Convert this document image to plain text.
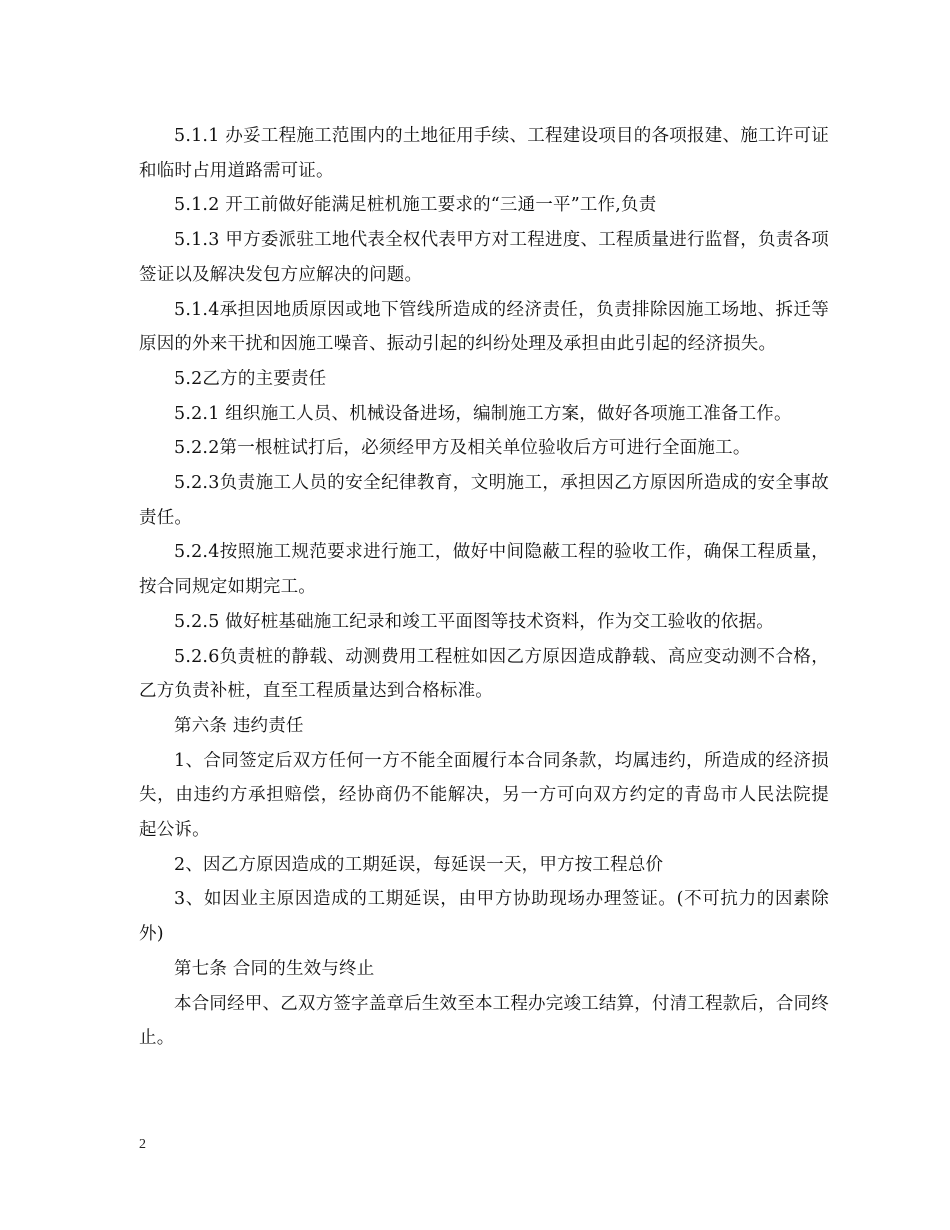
5.1.1 办妥工程施工范围内的土地征用手续、工程建设项目的各项报建、施工许可证和临时占用道路需可证。

5.1.2 开工前做好能满足桩机施工要求的“三通一平”工作,负责

5.1.3 甲方委派驻工地代表全权代表甲方对工程进度、工程质量进行监督，负责各项签证以及解决发包方应解决的问题。

5.1.4承担因地质原因或地下管线所造成的经济责任，负责排除因施工场地、拆迁等原因的外来干扰和因施工噪音、振动引起的纠纷处理及承担由此引起的经济损失。

5.2乙方的主要责任

5.2.1 组织施工人员、机械设备进场，编制施工方案，做好各项施工准备工作。

5.2.2第一根桩试打后，必须经甲方及相关单位验收后方可进行全面施工。

5.2.3负责施工人员的安全纪律教育，文明施工，承担因乙方原因所造成的安全事故责任。

5.2.4按照施工规范要求进行施工，做好中间隐蔽工程的验收工作，确保工程质量，按合同规定如期完工。

5.2.5 做好桩基础施工纪录和竣工平面图等技术资料，作为交工验收的依据。

5.2.6负责桩的静载、动测费用工程桩如因乙方原因造成静载、高应变动测不合格，乙方负责补桩，直至工程质量达到合格标准。

第六条 违约责任

1、合同签定后双方任何一方不能全面履行本合同条款，均属违约，所造成的经济损失，由违约方承担赔偿，经协商仍不能解决，另一方可向双方约定的青岛市人民法院提起公诉。

2、因乙方原因造成的工期延误，每延误一天，甲方按工程总价

3、如因业主原因造成的工期延误，由甲方协助现场办理签证。(不可抗力的因素除外)

第七条 合同的生效与终止

本合同经甲、乙双方签字盖章后生效至本工程办完竣工结算，付清工程款后，合同终止。

2
